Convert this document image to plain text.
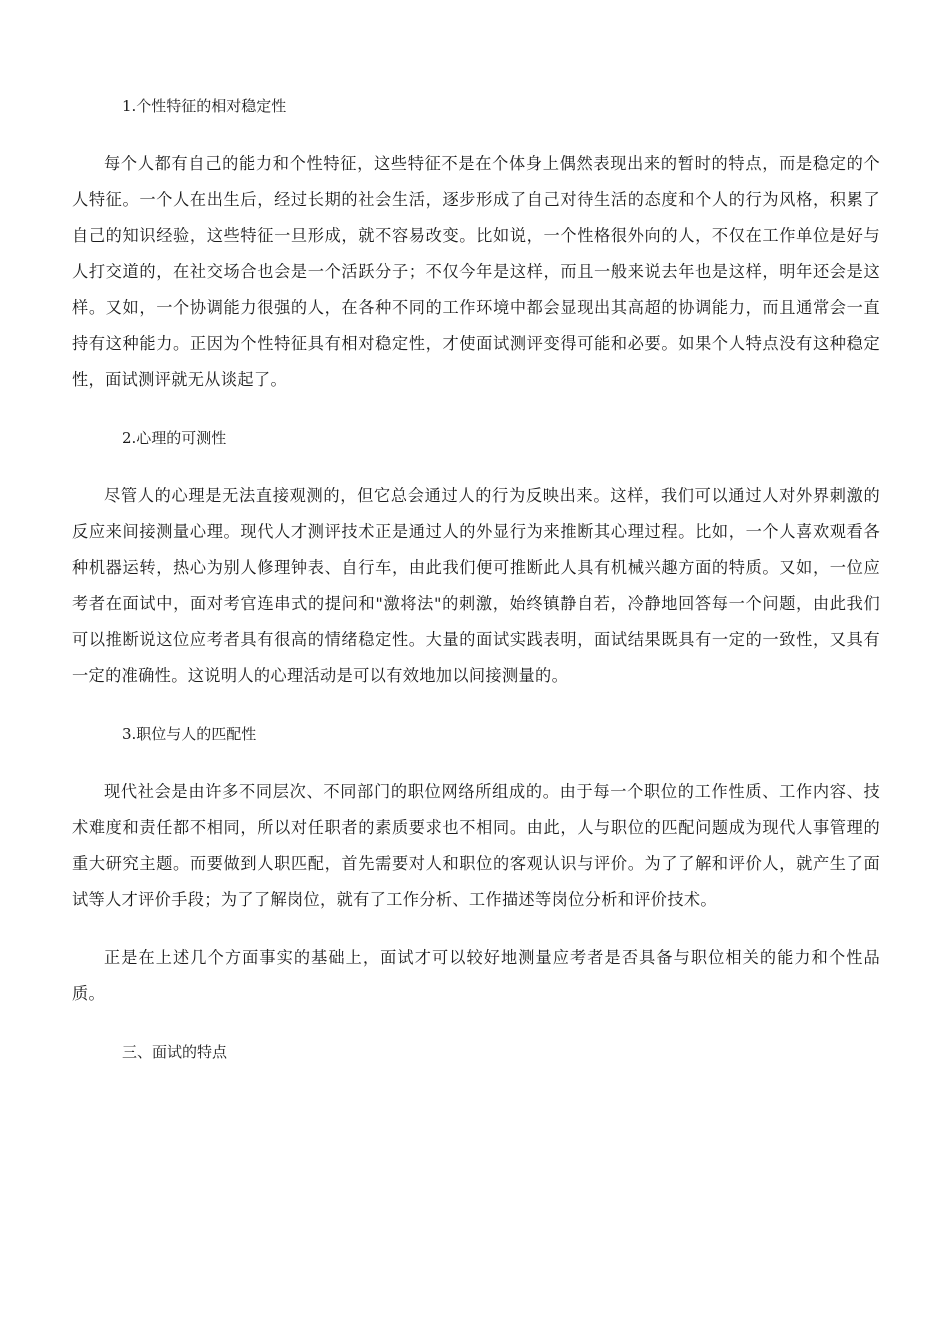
1.个性特征的相对稳定性

每个人都有自己的能力和个性特征，这些特征不是在个体身上偶然表现出来的暂时的特点，而是稳定的个人特征。一个人在出生后，经过长期的社会生活，逐步形成了自己对待生活的态度和个人的行为风格，积累了自己的知识经验，这些特征一旦形成，就不容易改变。比如说，一个性格很外向的人，不仅在工作单位是好与人打交道的，在社交场合也会是一个活跃分子；不仅今年是这样，而且一般来说去年也是这样，明年还会是这样。又如，一个协调能力很强的人，在各种不同的工作环境中都会显现出其高超的协调能力，而且通常会一直持有这种能力。正因为个性特征具有相对稳定性，才使面试测评变得可能和必要。如果个人特点没有这种稳定性，面试测评就无从谈起了。

2.心理的可测性

尽管人的心理是无法直接观测的，但它总会通过人的行为反映出来。这样，我们可以通过人对外界刺激的反应来间接测量心理。现代人才测评技术正是通过人的外显行为来推断其心理过程。比如，一个人喜欢观看各种机器运转，热心为别人修理钟表、自行车，由此我们便可推断此人具有机械兴趣方面的特质。又如，一位应考者在面试中，面对考官连串式的提问和"激将法"的刺激，始终镇静自若，冷静地回答每一个问题，由此我们可以推断说这位应考者具有很高的情绪稳定性。大量的面试实践表明，面试结果既具有一定的一致性，又具有一定的准确性。这说明人的心理活动是可以有效地加以间接测量的。

3.职位与人的匹配性

现代社会是由许多不同层次、不同部门的职位网络所组成的。由于每一个职位的工作性质、工作内容、技术难度和责任都不相同，所以对任职者的素质要求也不相同。由此，人与职位的匹配问题成为现代人事管理的重大研究主题。而要做到人职匹配，首先需要对人和职位的客观认识与评价。为了了解和评价人，就产生了面试等人才评价手段；为了了解岗位，就有了工作分析、工作描述等岗位分析和评价技术。

正是在上述几个方面事实的基础上，面试才可以较好地测量应考者是否具备与职位相关的能力和个性品质。

三、面试的特点
